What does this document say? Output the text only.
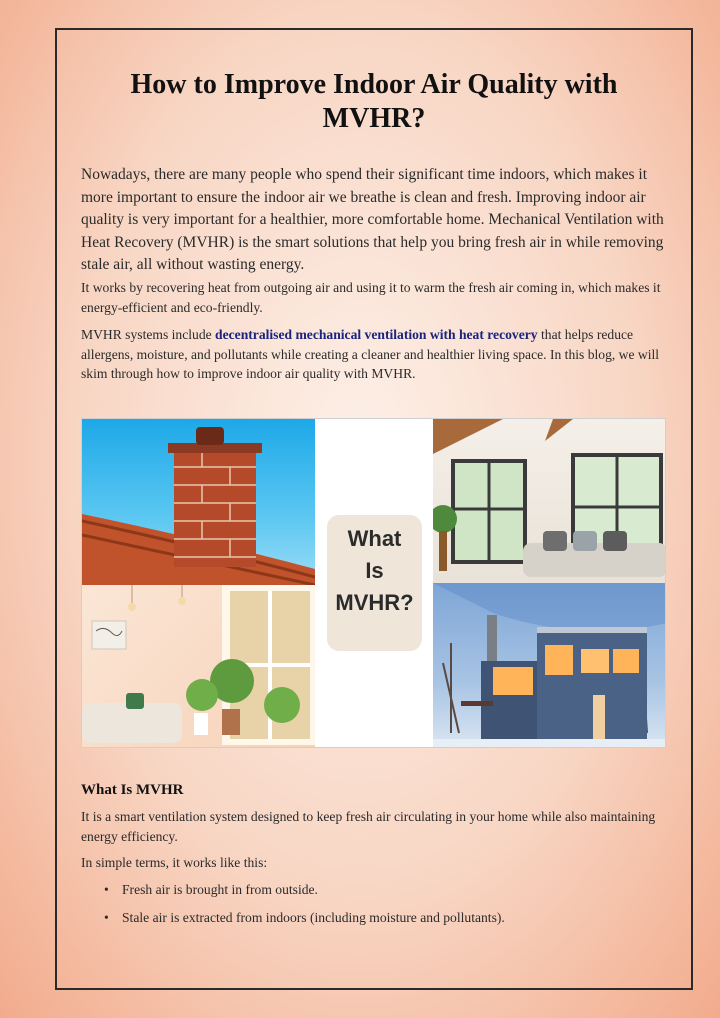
How to Improve Indoor Air Quality with MVHR?

Nowadays, there are many people who spend their significant time indoors, which makes it more important to ensure the indoor air we breathe is clean and fresh. Improving indoor air quality is very important for a healthier, more comfortable home. Mechanical Ventilation with Heat Recovery (MVHR) is the smart solutions that help you bring fresh air in while removing stale air, all without wasting energy.

It works by recovering heat from outgoing air and using it to warm the fresh air coming in, which makes it energy-efficient and eco-friendly.

MVHR systems include decentralised mechanical ventilation with heat recovery that helps reduce allergens, moisture, and pollutants while creating a cleaner and healthier living space. In this blog, we will skim through how to improve indoor air quality with MVHR.

What
Is
MVHR?
What Is MVHR

It is a smart ventilation system designed to keep fresh air circulating in your home while also maintaining energy efficiency.

In simple terms, it works like this:

• Fresh air is brought in from outside.
• Stale air is extracted from indoors (including moisture and pollutants).
